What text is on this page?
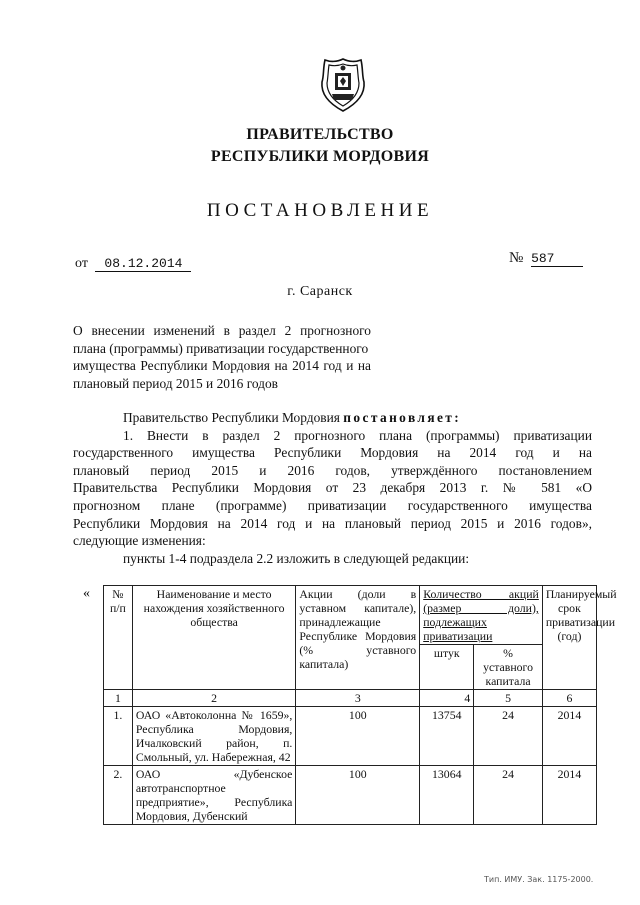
ПРАВИТЕЛЬСТВО
РЕСПУБЛИКИ МОРДОВИЯ
ПОСТАНОВЛЕНИЕ
от 08.12.2014	№ 587
г. Саранск
О внесении изменений в раздел 2 прогнозного
плана (программы) приватизации государственного
имущества Республики Мордовия на 2014 год и на
плановый период 2015 и 2016 годов
Правительство Республики Мордовия постановляет:
1. Внести в раздел 2 прогнозного плана (программы) приватизации
государственного имущества Республики Мордовия на 2014 год и на
плановый период 2015 и 2016 годов, утверждённого постановлением
Правительства Республики Мордовия от 23 декабря 2013 г. № 581 «О
прогнозном плане (программе) приватизации государственного имущества
Республики Мордовия на 2014 год и на плановый период 2015 и 2016 годов»,
следующие изменения:
пункты 1-4 подраздела 2.2 изложить в следующей редакции:
« № п/п	Наименование и место нахождения хозяйственного общества	Акции (доли в уставном капитале), принадлежащие Республике Мордовия (% уставного капитала)	Количество акций (размер доли), подлежащих приватизации		Планируемый срок приватизации (год)
			штук	% уставного капитала	
1	2	3	4	5	6
1.	ОАО «Автоколонна № 1659», Республика Мордовия, Ичалковский район, п. Смольный, ул. Набережная, 42	100	13754	24	2014
2.	ОАО «Дубенское автотранспортное предприятие», Республика Мордовия, Дубенский	100	13064	24	2014
Тип. ИМУ. Зак. 1175-2000.
